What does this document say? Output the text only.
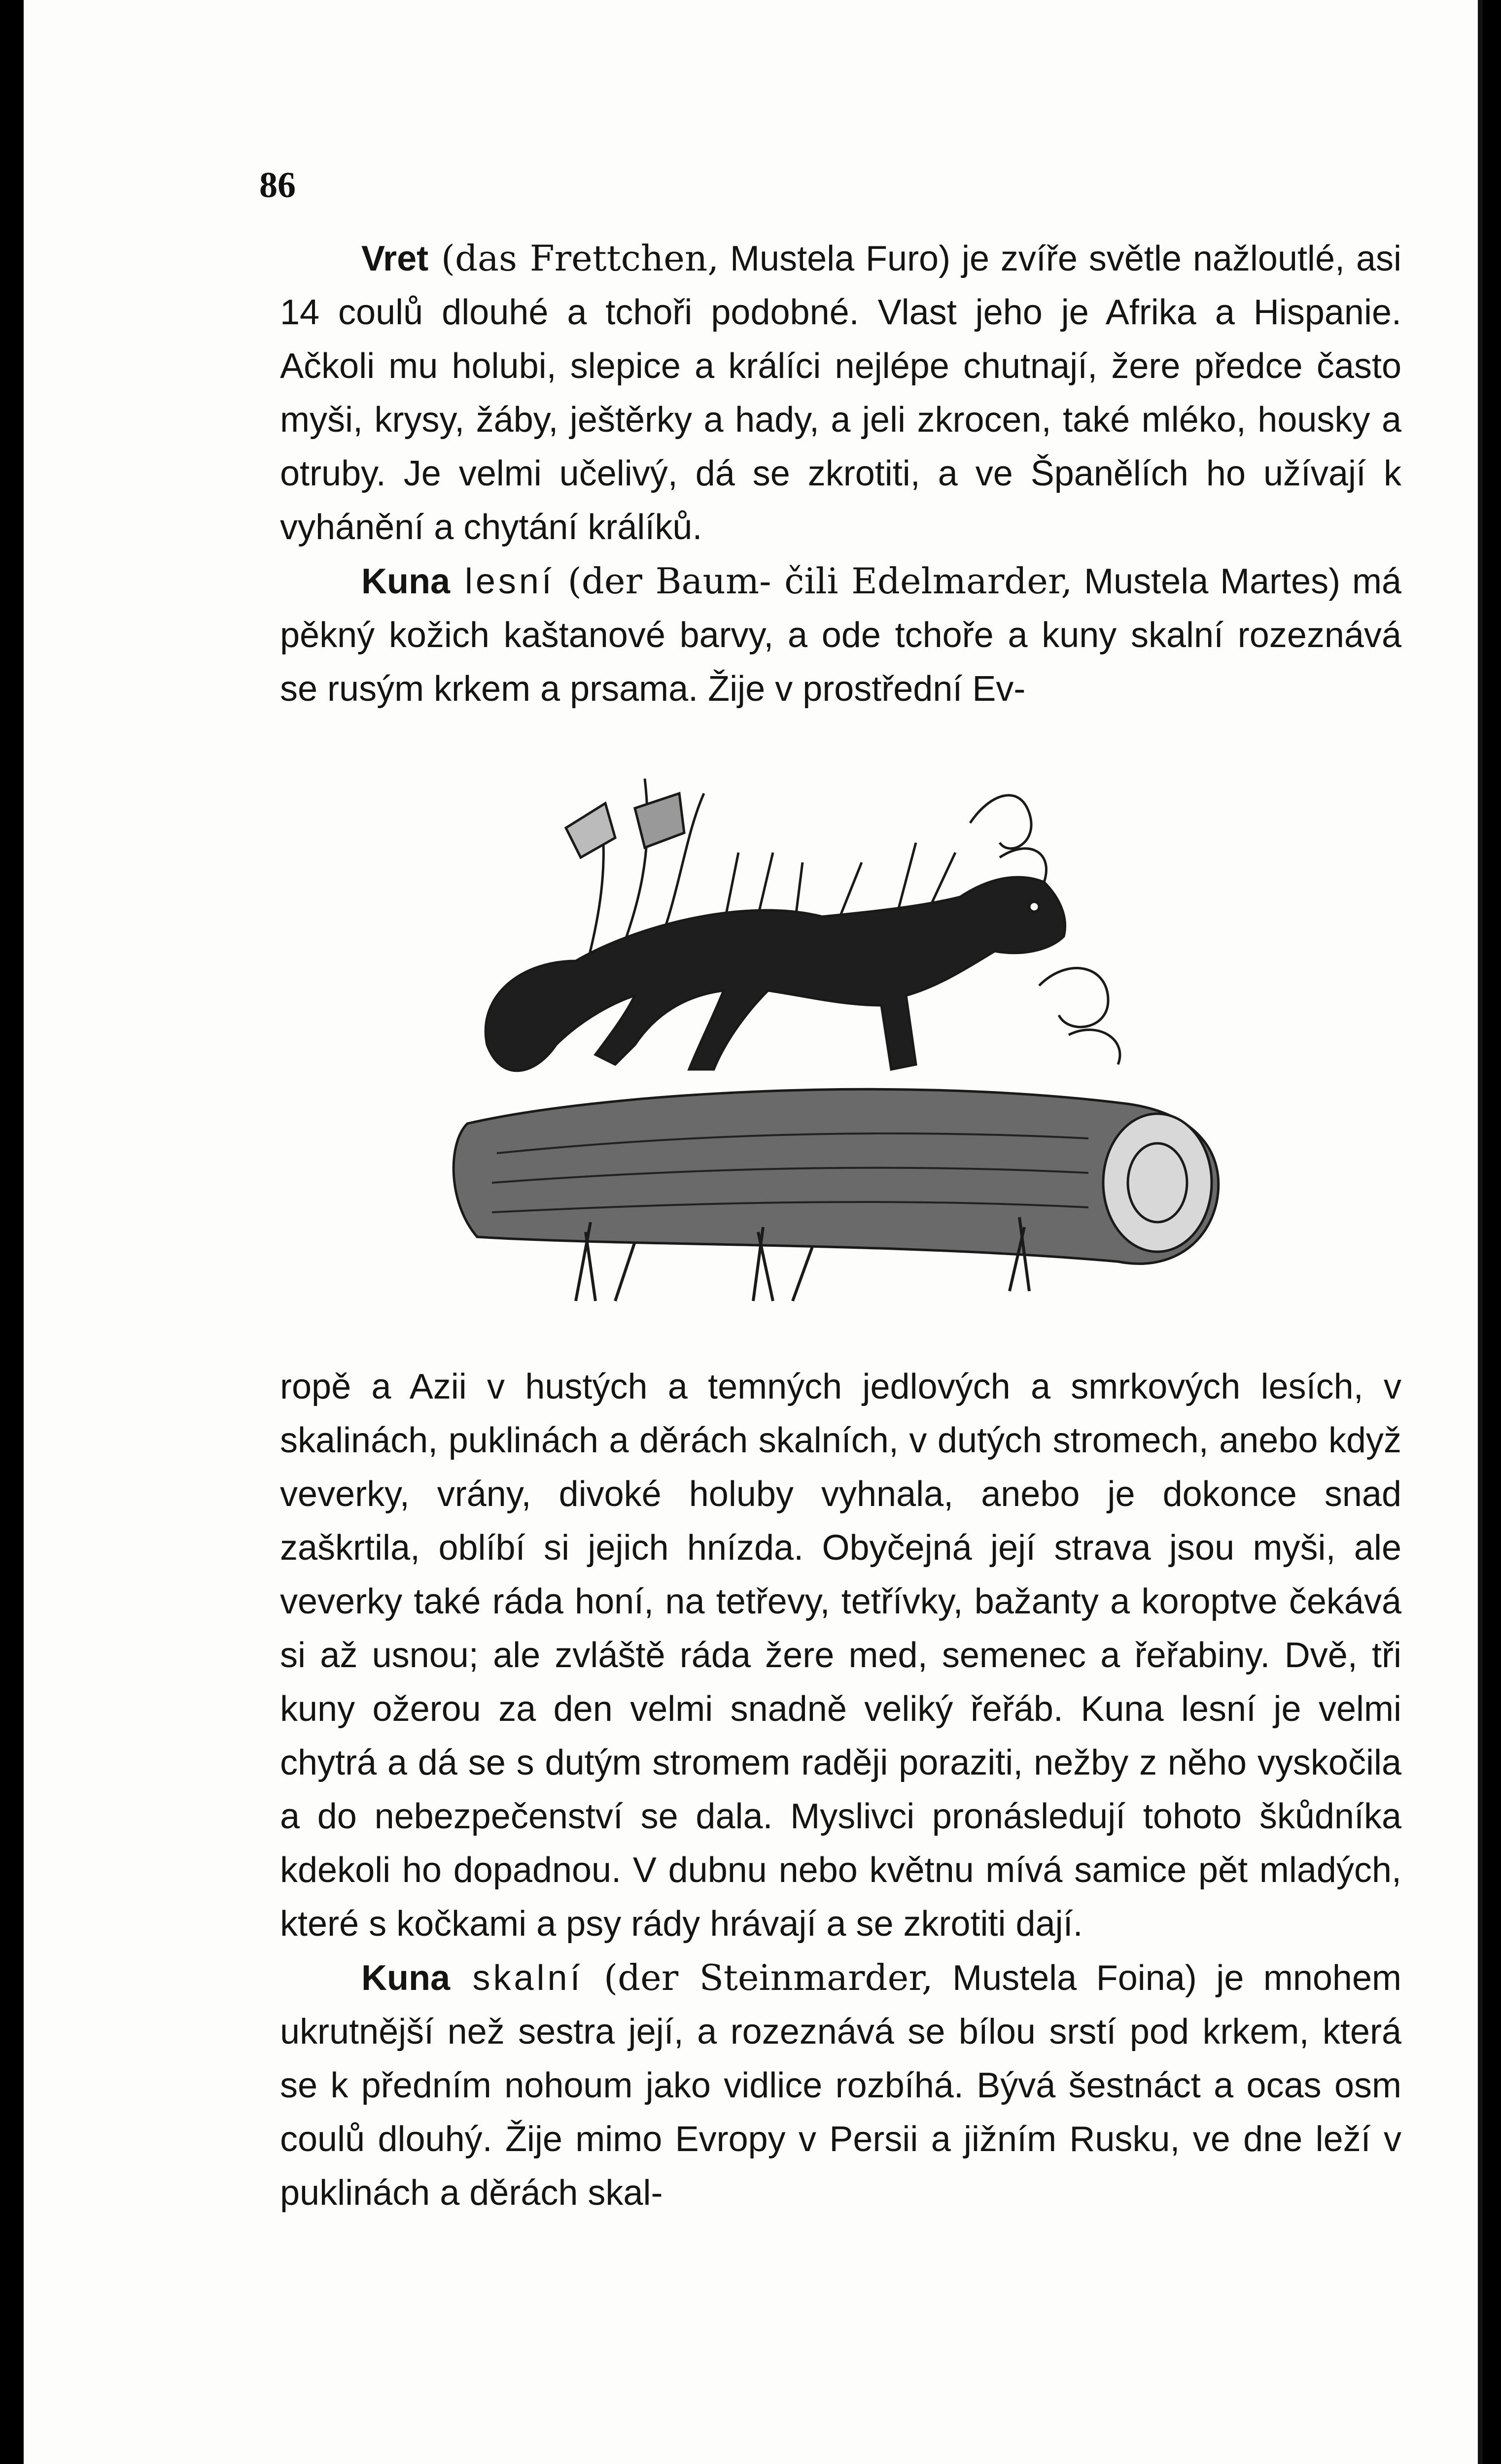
86

Vret (das Frettchen, Mustela Furo) je zvíře světle nažloutlé, asi 14 coulů dlouhé a tchoři podobné. Vlast jeho je Afrika a Hispanie. Ačkoli mu holubi, slepice a králíci nejlépe chutnají, žere předce často myši, krysy, žáby, ještěrky a hady, a jeli zkrocen, také mléko, housky a otruby. Je velmi učelivý, dá se zkrotiti, a ve Španělích ho užívají k vyhánění a chytání králíků.

Kuna lesní (der Baum- čili Edelmarder, Mustela Martes) má pěkný kožich kaštanové barvy, a ode tchoře a kuny skalní rozeznává se rusým krkem a prsama. Žije v prostřední Ev-

ropě a Azii v hustých a temných jedlových a smrkových lesích, v skalinách, puklinách a děrách skalních, v dutých stromech, anebo když veverky, vrány, divoké holuby vyhnala, anebo je dokonce snad zaškrtila, oblíbí si jejich hnízda. Obyčejná její strava jsou myši, ale veverky také ráda honí, na tetřevy, tetřívky, bažanty a koroptve čekává si až usnou; ale zvláště ráda žere med, semenec a řeřabiny. Dvě, tři kuny ožerou za den velmi snadně veliký řeřáb. Kuna lesní je velmi chytrá a dá se s dutým stromem raději poraziti, nežby z něho vyskočila a do nebezpečenství se dala. Myslivci pronásledují tohoto škůdníka kdekoli ho dopadnou. V dubnu nebo květnu mívá samice pět mladých, které s kočkami a psy rády hrávají a se zkrotiti dají.

Kuna skalní (der Steinmarder, Mustela Foina) je mnohem ukrutnější než sestra její, a rozeznává se bílou srstí pod krkem, která se k předním nohoum jako vidlice rozbíhá. Bývá šestnáct a ocas osm coulů dlouhý. Žije mimo Evropy v Persii a jižním Rusku, ve dne leží v puklinách a děrách skal-
